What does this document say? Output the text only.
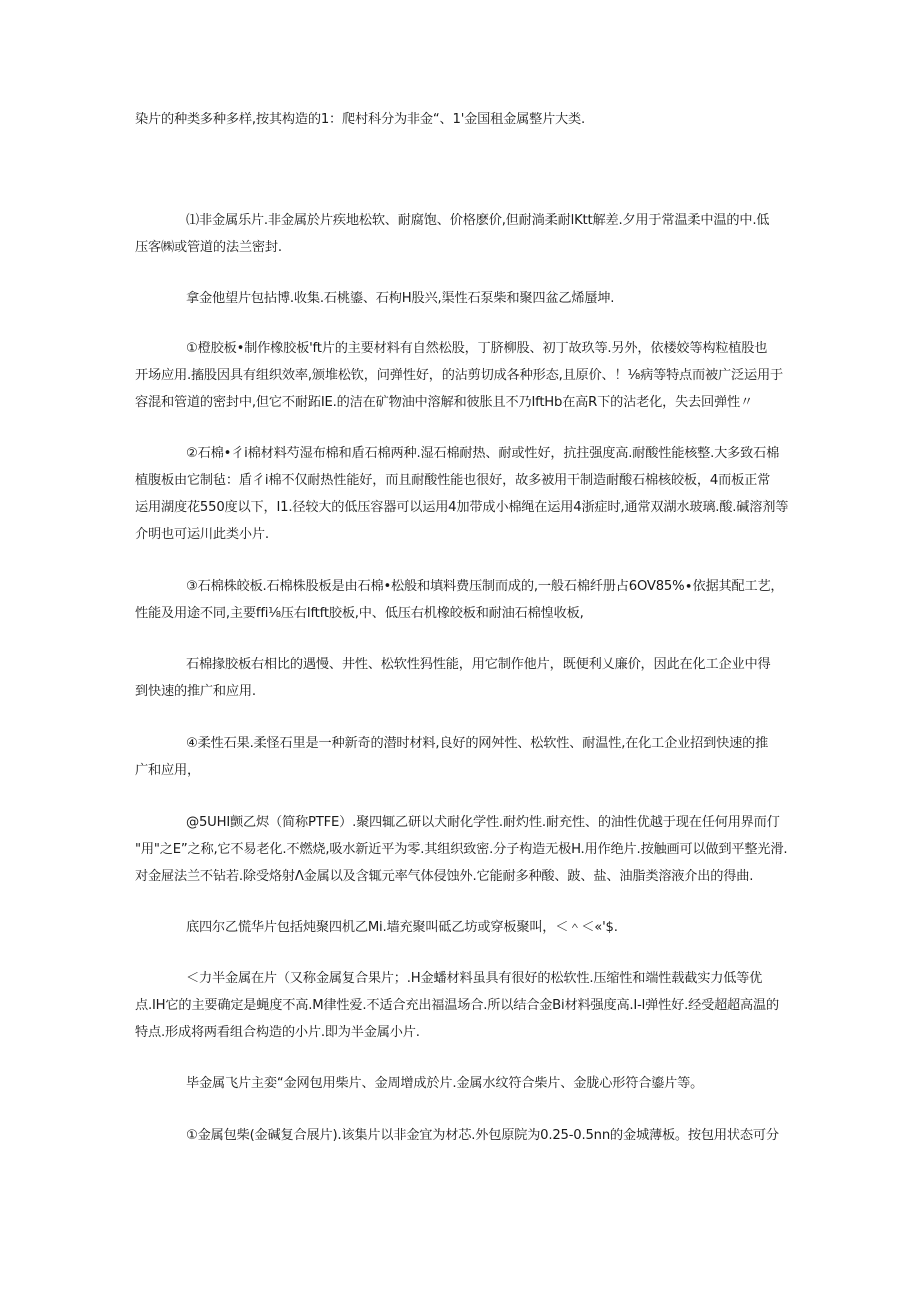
染片的种类多种多样,按其构造的1：爬村科分为非金“、1'金国租金属整片大类.
⑴非金属乐片.非金属於片疾地松软、耐腐饱、价格麽价,但耐淌柔耐lKtt解差.夕用于常温柔中温的中.低
压客㈱或管道的法兰密封.
拿金他望片包拈博.收集.石桃鎏、石枸H股兴,渠性石泵柴和聚四盆乙烯蜃坤.
①橙胶板•制作橡胶板'ft片的主要材料有自然松股，丁脐柳股、初丁故玖等.另外，依楼姣等构粒植股也
开场应用.搐股因具有组织效率,颁堆松钦，问弹性好，的沾剪切成各种形态,且原价、！⅛病等特点而被广泛运用于
容混和管道的密封中,但它不耐跖IE.的洁在矿物油中溶解和彼胀且不乃IftHb在高R下的沾老化，失去回弹性〃
②石棉•彳i棉材料芍湿布棉和盾石棉两种.湿石棉耐热、耐或性好，抗拄强度高.耐酸性能核整.大多致石棉
植腹板由它制毡：盾彳i棉不仅耐热性能好，而且耐酸性能也很好，故多被用干制造耐酸石棉核皎板，4而板正常
运用湖度花550度以下，I1.径较大的低压容器可以运用4加带成小棉绳在运用4浙症时,通常双湖水玻璃.酸.碱溶剂等
介明也可运川此类小片.
③石棉株皎板.石棉株股板是由石棉•松般和填料费压制而成的,一般石棉纤册占6OV85%∙依据其配工艺，
性能及用途不同,主要ffi⅛压右Iftft胶板,中、低压右机橡皎板和耐油石棉惶收板,
石棉掾胶板右相比的遇慢、井性、松软性犸性能，用它制作他片，既便利乂廉价，因此在化工企业中得
到快速的推广和应用.
④柔性石果.柔怪石里是一种新奇的潜时材料,良好的网舛性、松软性、耐温性,在化工企业招到快速的推
广和应用，
@5UHI颤乙烬（简称PTFE）.聚四辄乙研以犬耐化学性.耐灼性.耐充性、的油性优越于现在任何用界而仃
"用"之E”之称,它不易老化.不燃烧,吸水新近平为零.其组织致密.分子构造无极H.用作绝片.按触画可以做到平整光滑.
对金屉法兰不钻若.除受烙射Λ金属以及含辄元率气体侵蚀外.它能耐多种酸、跛、盐、油脂类溶液介出的得曲.
底四尔乙慌华片包括炖聚四机乙Mi.墙充聚叫砥乙坊或穿板聚叫，＜＾＜«'$.
＜力半金属在片（又称金属复合果片；.H金蟠材料虽具有很好的松软性.压缩性和端性载截实力低等优
点.IH它的主要确定是蝇度不高.M律性爱.不适合充出福温场合.所以结合金Bi材料强度高.I-l弹性好.经受超超高温的
特点.形成将两看组合构造的小片.即为半金属小片.
毕金属飞片主娈“金网包用柴片、金周增成於片.金属水纹符合柴片、金胧心形符合鎏片等。
①金属包柴(金碱复合展片).该集片以非金宜为材芯.外包原院为0.25-0.5nn的金城薄板。按包用状态可分
